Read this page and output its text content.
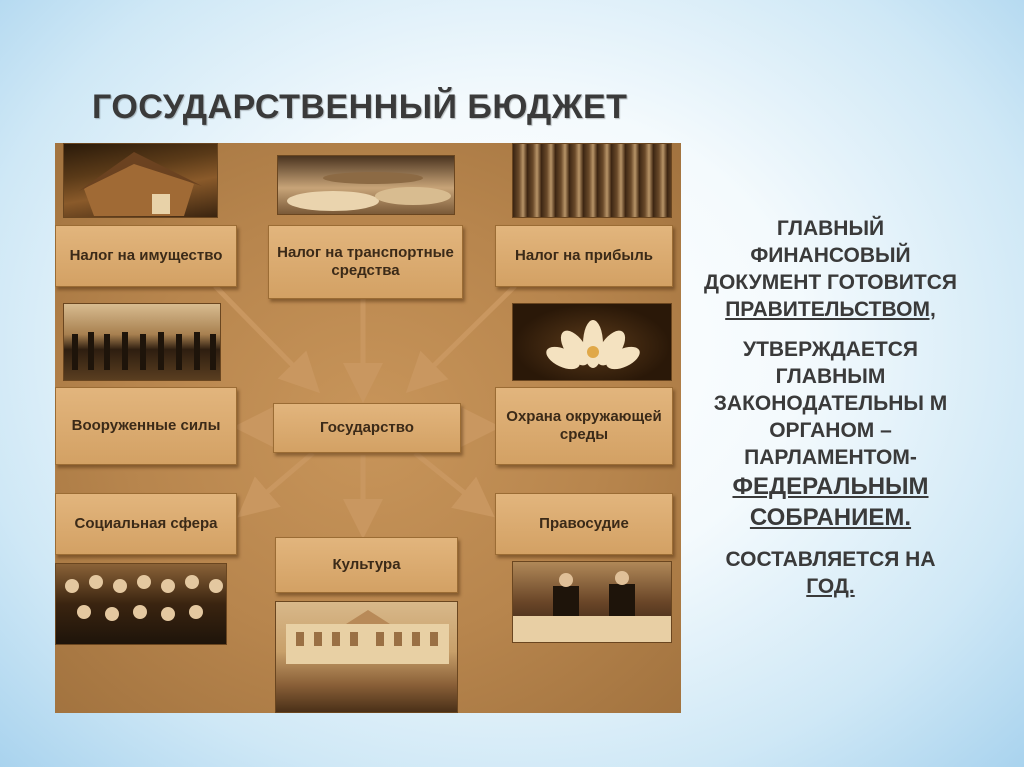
ГОСУДАРСТВЕННЫЙ БЮДЖЕТ
Налог на имущество	Налог на транспортные средства
Налог на прибыль
Государство
Вооруженные силы
Охрана окружающей среды
Социальная сфера	Правосудие
Культура

ГЛАВНЫЙ ФИНАНСОВЫЙ ДОКУМЕНТ ГОТОВИТСЯ
ПРАВИТЕЛЬСТВОМ,

УТВЕРЖДАЕТСЯ ГЛАВНЫМ ЗАКОНОДАТЕЛЬНЫ М ОРГАНОМ – ПАРЛАМЕНТОМ-
ФЕДЕРАЛЬНЫМ СОБРАНИЕМ.

СОСТАВЛЯЕТСЯ НА
ГОД.
